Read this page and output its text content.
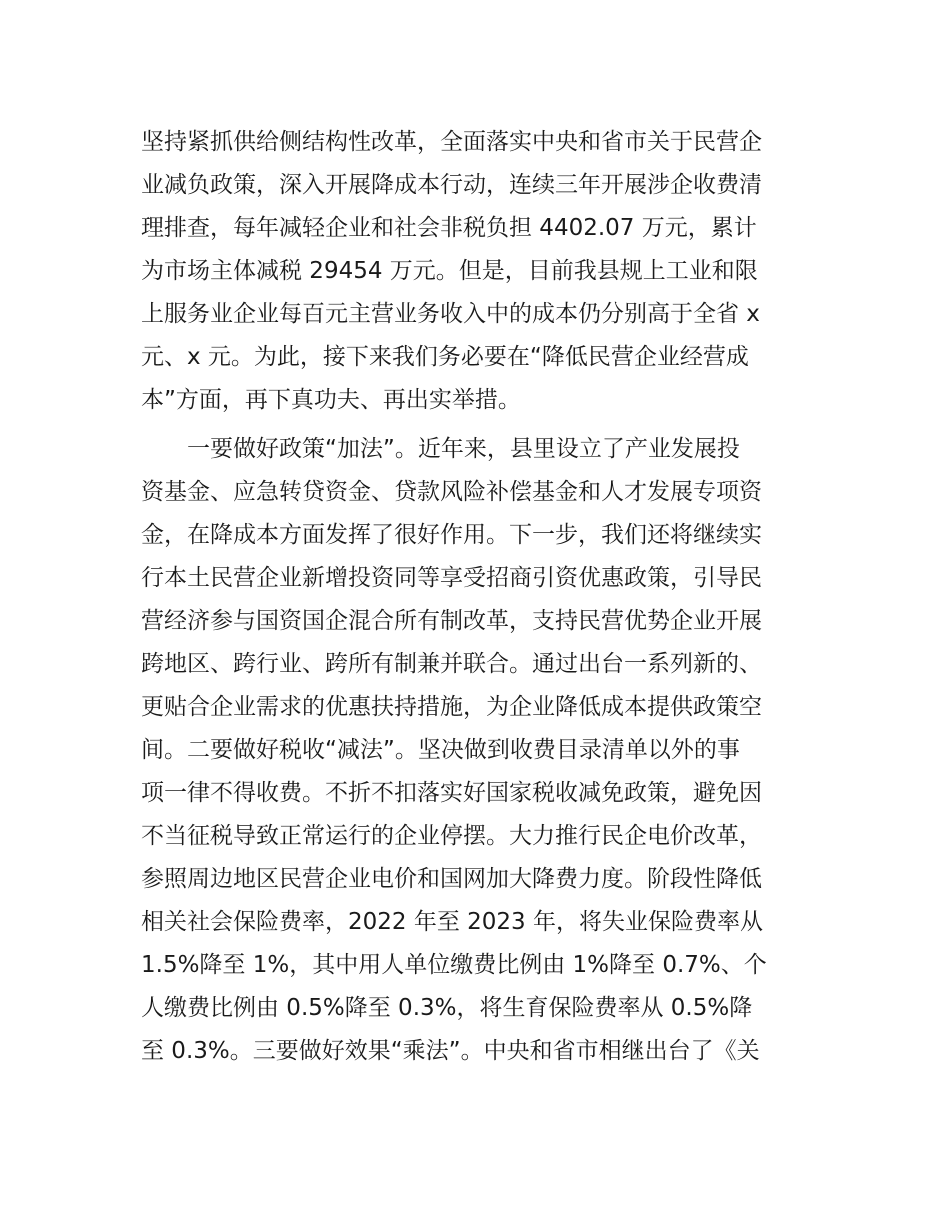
坚持紧抓供给侧结构性改革，全面落实中央和省市关于民营企
业减负政策，深入开展降成本行动，连续三年开展涉企收费清
理排查，每年减轻企业和社会非税负担 4402.07 万元，累计
为市场主体减税 29454 万元。但是，目前我县规上工业和限
上服务业企业每百元主营业务收入中的成本仍分别高于全省 x
元、x 元。为此，接下来我们务必要在“降低民营企业经营成
本”方面，再下真功夫、再出实举措。
　　一要做好政策“加法”。近年来，县里设立了产业发展投
资基金、应急转贷资金、贷款风险补偿基金和人才发展专项资
金，在降成本方面发挥了很好作用。下一步，我们还将继续实
行本土民营企业新增投资同等享受招商引资优惠政策，引导民
营经济参与国资国企混合所有制改革，支持民营优势企业开展
跨地区、跨行业、跨所有制兼并联合。通过出台一系列新的、
更贴合企业需求的优惠扶持措施，为企业降低成本提供政策空
间。二要做好税收“减法”。坚决做到收费目录清单以外的事
项一律不得收费。不折不扣落实好国家税收减免政策，避免因
不当征税导致正常运行的企业停摆。大力推行民企电价改革，
参照周边地区民营企业电价和国网加大降费力度。阶段性降低
相关社会保险费率，2022 年至 2023 年，将失业保险费率从
1.5%降至 1%，其中用人单位缴费比例由 1%降至 0.7%、个
人缴费比例由 0.5%降至 0.3%，将生育保险费率从 0.5%降
至 0.3%。三要做好效果“乘法”。中央和省市相继出台了《关
